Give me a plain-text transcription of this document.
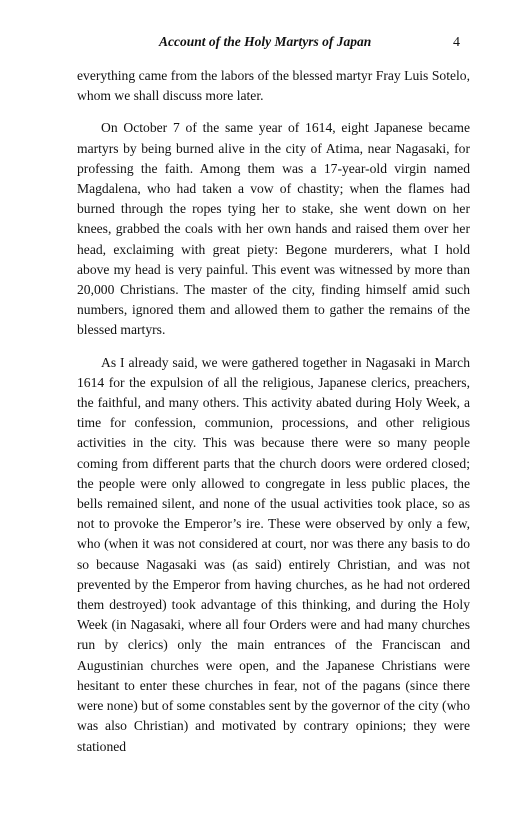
Account of the Holy Martyrs of Japan	4

everything came from the labors of the blessed martyr Fray Luis Sotelo, whom we shall discuss more later.

On October 7 of the same year of 1614, eight Japanese became martyrs by being burned alive in the city of Atima, near Nagasaki, for professing the faith. Among them was a 17-year-old virgin named Magdalena, who had taken a vow of chastity; when the flames had burned through the ropes tying her to stake, she went down on her knees, grabbed the coals with her own hands and raised them over her head, exclaiming with great piety: Begone murderers, what I hold above my head is very painful. This event was witnessed by more than 20,000 Christians. The master of the city, finding himself amid such numbers, ignored them and allowed them to gather the remains of the blessed martyrs.

As I already said, we were gathered together in Nagasaki in March 1614 for the expulsion of all the religious, Japanese clerics, preachers, the faithful, and many others. This activity abated during Holy Week, a time for confession, communion, processions, and other religious activities in the city. This was because there were so many people coming from different parts that the church doors were ordered closed; the people were only allowed to congregate in less public places, the bells remained silent, and none of the usual activities took place, so as not to provoke the Emperor’s ire. These were observed by only a few, who (when it was not considered at court, nor was there any basis to do so because Nagasaki was (as said) entirely Christian, and was not prevented by the Emperor from having churches, as he had not ordered them destroyed) took advantage of this thinking, and during the Holy Week (in Nagasaki, where all four Orders were and had many churches run by clerics) only the main entrances of the Franciscan and Augustinian churches were open, and the Japanese Christians were hesitant to enter these churches in fear, not of the pagans (since there were none) but of some constables sent by the governor of the city (who was also Christian) and motivated by contrary opinions; they were stationed
